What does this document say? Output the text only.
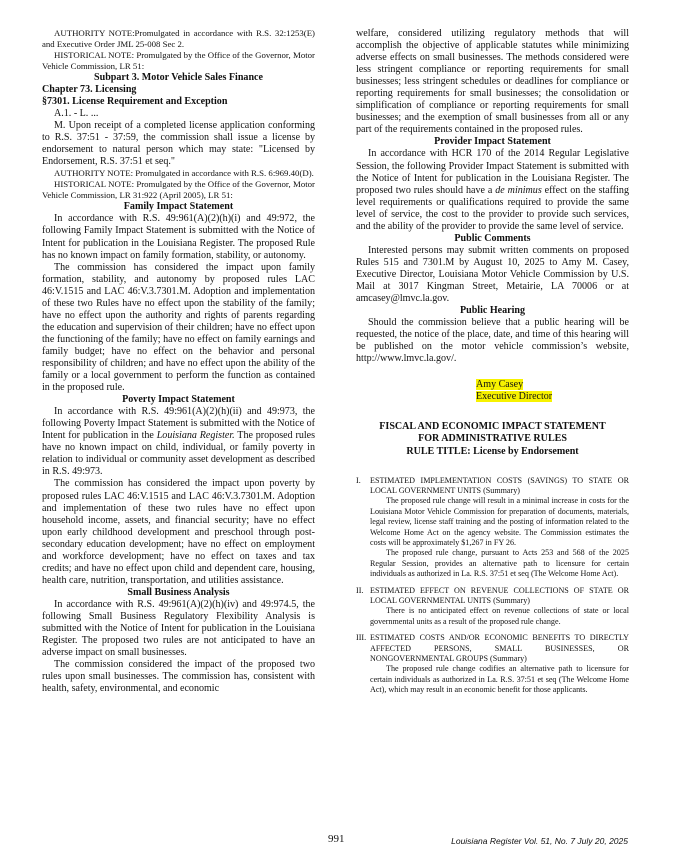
AUTHORITY NOTE:Promulgated in accordance with R.S. 32:1253(E) and Executive Order JML 25-008 Sec 2.

HISTORICAL NOTE: Promulgated by the Office of the Governor, Motor Vehicle Commission, LR 51:

Subpart 3. Motor Vehicle Sales Finance

Chapter 73. Licensing

§7301. License Requirement and Exception

A.1. - L. ...

M. Upon receipt of a completed license application conforming to R.S. 37:51 - 37:59, the commission shall issue a license by endorsement to natural person which may state: "Licensed by Endorsement, R.S. 37:51 et seq."

AUTHORITY NOTE: Promulgated in accordance with R.S. 6:969.40(D).

HISTORICAL NOTE: Promulgated by the Office of the Governor, Motor Vehicle Commission, LR 31:922 (April 2005), LR 51:

Family Impact Statement

In accordance with R.S. 49:961(A)(2)(h)(i) and 49:972, the following Family Impact Statement is submitted with the Notice of Intent for publication in the Louisiana Register. The proposed Rule has no known impact on family formation, stability, or autonomy.

The commission has considered the impact upon family formation, stability, and autonomy by proposed rules LAC 46:V.1515 and LAC 46:V.3.7301.M. Adoption and implementation of these two Rules have no effect upon the stability of the family; have no effect upon the authority and rights of parents regarding the education and supervision of their children; have no effect upon the functioning of the family; have no effect on family earnings and family budget; have no effect on the behavior and personal responsibility of children; and have no effect upon the ability of the family or a local government to perform the function as contained in the proposed rule.

Poverty Impact Statement

In accordance with R.S. 49:961(A)(2)(h)(ii) and 49:973, the following Poverty Impact Statement is submitted with the Notice of Intent for publication in the Louisiana Register. The proposed rules have no known impact on child, individual, or family poverty in relation to individual or community asset development as described in R.S. 49:973.

The commission has considered the impact upon poverty by proposed rules LAC 46:V.1515 and LAC 46:V.3.7301.M. Adoption and implementation of these two rules have no effect upon household income, assets, and financial security; have no effect upon early childhood development and preschool through post-secondary education development; have no effect on employment and workforce development; have no effect on taxes and tax credits; and have no effect upon child and dependent care, housing, health care, nutrition, transportation, and utilities assistance.

Small Business Analysis

In accordance with R.S. 49:961(A)(2)(h)(iv) and 49:974.5, the following Small Business Regulatory Flexibility Analysis is submitted with the Notice of Intent for publication in the Louisiana Register. The proposed two rules are not anticipated to have an adverse impact on small businesses.

The commission considered the impact of the proposed two rules upon small businesses. The commission has, consistent with health, safety, environmental, and economic

welfare, considered utilizing regulatory methods that will accomplish the objective of applicable statutes while minimizing adverse effects on small businesses. The methods considered were less stringent compliance or reporting requirements for small businesses; less stringent schedules or deadlines for compliance or reporting requirements for small businesses; the consolidation or simplification of compliance or reporting requirements for small businesses; and the exemption of small businesses from all or any part of the requirements contained in the proposed rules.

Provider Impact Statement

In accordance with HCR 170 of the 2014 Regular Legislative Session, the following Provider Impact Statement is submitted with the Notice of Intent for publication in the Louisiana Register. The proposed two rules should have a de minimus effect on the staffing level requirements or qualifications required to provide the same level of service, the cost to the provider to provide such services, and the ability of the provider to provide the same level of service.

Public Comments

Interested persons may submit written comments on proposed Rules 515 and 7301.M by August 10, 2025 to Amy M. Casey, Executive Director, Louisiana Motor Vehicle Commission by U.S. Mail at 3017 Kingman Street, Metairie, LA 70006 or at amcasey@lmvc.la.gov.

Public Hearing

Should the commission believe that a public hearing will be requested, the notice of the place, date, and time of this hearing will be published on the motor vehicle commission’s website, http://www.lmvc.la.gov/.

Amy Casey
Executive Director
FISCAL AND ECONOMIC IMPACT STATEMENT
FOR ADMINISTRATIVE RULES
RULE TITLE: License by Endorsement
I.	ESTIMATED IMPLEMENTATION COSTS (SAVINGS) TO STATE OR LOCAL GOVERNMENT UNITS (Summary)

The proposed rule change will result in a minimal increase in costs for the Louisiana Motor Vehicle Commission for preparation of documents, materials, legal review, license staff training and the posting of information related to the Welcome Home Act on the agency website. The Commission estimates the costs will be approximately $1,267 in FY 26.

The proposed rule change, pursuant to Acts 253 and 568 of the 2025 Regular Session, provides an alternative path to licensure for certain individuals as authorized in La. R.S. 37:51 et seq (The Welcome Home Act).

II. ESTIMATED EFFECT ON REVENUE COLLECTIONS OF STATE OR LOCAL GOVERNMENTAL UNITS (Summary)

There is no anticipated effect on revenue collections of state or local governmental units as a result of the proposed rule change.

III. ESTIMATED COSTS AND/OR ECONOMIC BENEFITS TO DIRECTLY AFFECTED PERSONS, SMALL BUSINESSES, OR NONGOVERNMENTAL GROUPS (Summary)

The proposed rule change codifies an alternative path to licensure for certain individuals as authorized in La. R.S. 37:51 et seq (The Welcome Home Act), which may result in an economic benefit for those applicants.

991	Louisiana Register Vol. 51, No. 7 July 20, 2025
